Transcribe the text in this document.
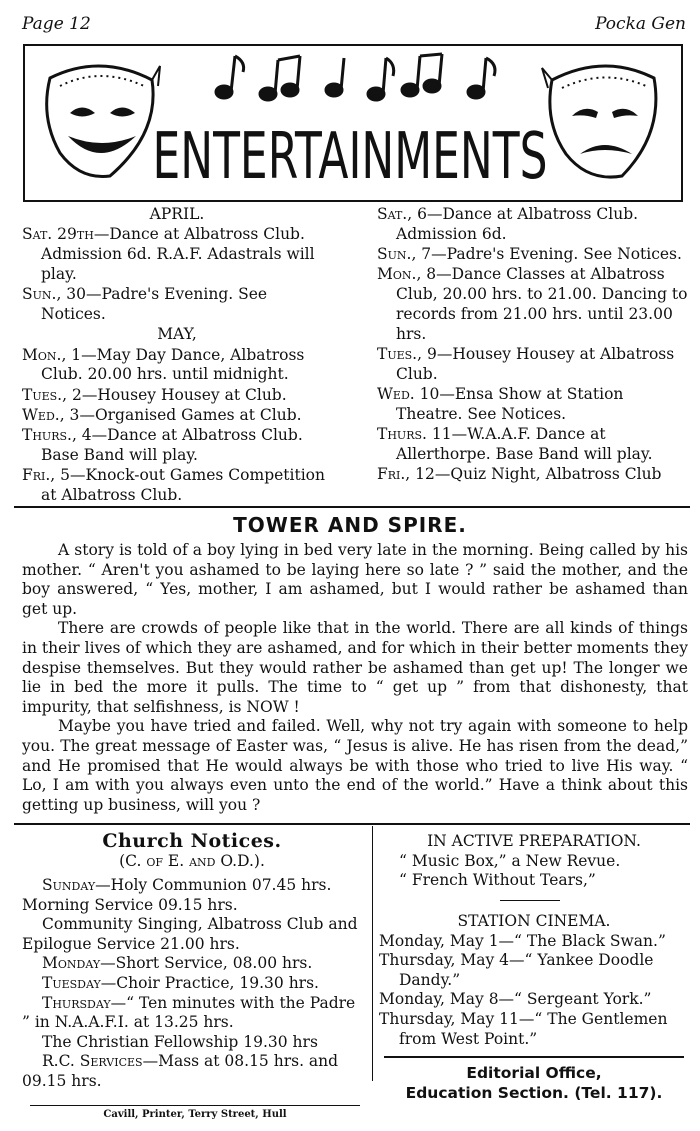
Page 12	Pocka Gen
ENTERTAINMENTS

APRIL.

Sat. 29th—Dance at Albatross Club. Admission 6d. R.A.F. Adastrals will play.

Sun., 30—Padre's Evening. See Notices.

MAY,

Mon., 1—May Day Dance, Albatross Club. 20.00 hrs. until midnight.

Tues., 2—Housey Housey at Club.

Wed., 3—Organised Games at Club.

Thurs., 4—Dance at Albatross Club. Base Band will play.

Fri., 5—Knock-out Games Competition at Albatross Club.

Sat., 6—Dance at Albatross Club. Admission 6d.

Sun., 7—Padre's Evening. See Notices.

Mon., 8—Dance Classes at Albatross Club, 20.00 hrs. to 21.00. Dancing to records from 21.00 hrs. until 23.00 hrs.

Tues., 9—Housey Housey at Albatross Club.

Wed. 10—Ensa Show at Station Theatre. See Notices.

Thurs. 11—W.A.A.F. Dance at Allerthorpe. Base Band will play.

Fri., 12—Quiz Night, Albatross Club

TOWER AND SPIRE.

A story is told of a boy lying in bed very late in the morning. Being called by his mother. “ Aren't you ashamed to be laying here so late ? ” said the mother, and the boy answered, “ Yes, mother, I am ashamed, but I would rather be ashamed than get up.

There are crowds of people like that in the world. There are all kinds of things in their lives of which they are ashamed, and for which in their better moments they despise themselves. But they would rather be ashamed than get up! The longer we lie in bed the more it pulls. The time to “ get up ” from that dishonesty, that impurity, that selfishness, is NOW !

Maybe you have tried and failed. Well, why not try again with someone to help you. The great message of Easter was, “ Jesus is alive. He has risen from the dead,” and He promised that He would always be with those who tried to live His way. “ Lo, I am with you always even unto the end of the world.” Have a think about this getting up business, will you ?

Church Notices.
(C. of E. and O.D.).

Sunday—Holy Communion 07.45 hrs. Morning Service 09.15 hrs.

Community Singing, Albatross Club and Epilogue Service 21.00 hrs.

Monday—Short Service, 08.00 hrs.

Tuesday—Choir Practice, 19.30 hrs.

Thursday—“ Ten minutes with the Padre ” in N.A.A.F.I. at 13.25 hrs.

The Christian Fellowship 19.30 hrs

R.C. Services—Mass at 08.15 hrs. and 09.15 hrs.

IN ACTIVE PREPARATION.

“ Music Box,” a New Revue.

“ French Without Tears,”

STATION CINEMA.

Monday, May 1—“ The Black Swan.”

Thursday, May 4—“ Yankee Doodle Dandy.”

Monday, May 8—“ Sergeant York.”

Thursday, May 11—“ The Gentlemen from West Point.”

Editorial Office,
Education Section. (Tel. 117).
Cavill, Printer, Terry Street, Hull
